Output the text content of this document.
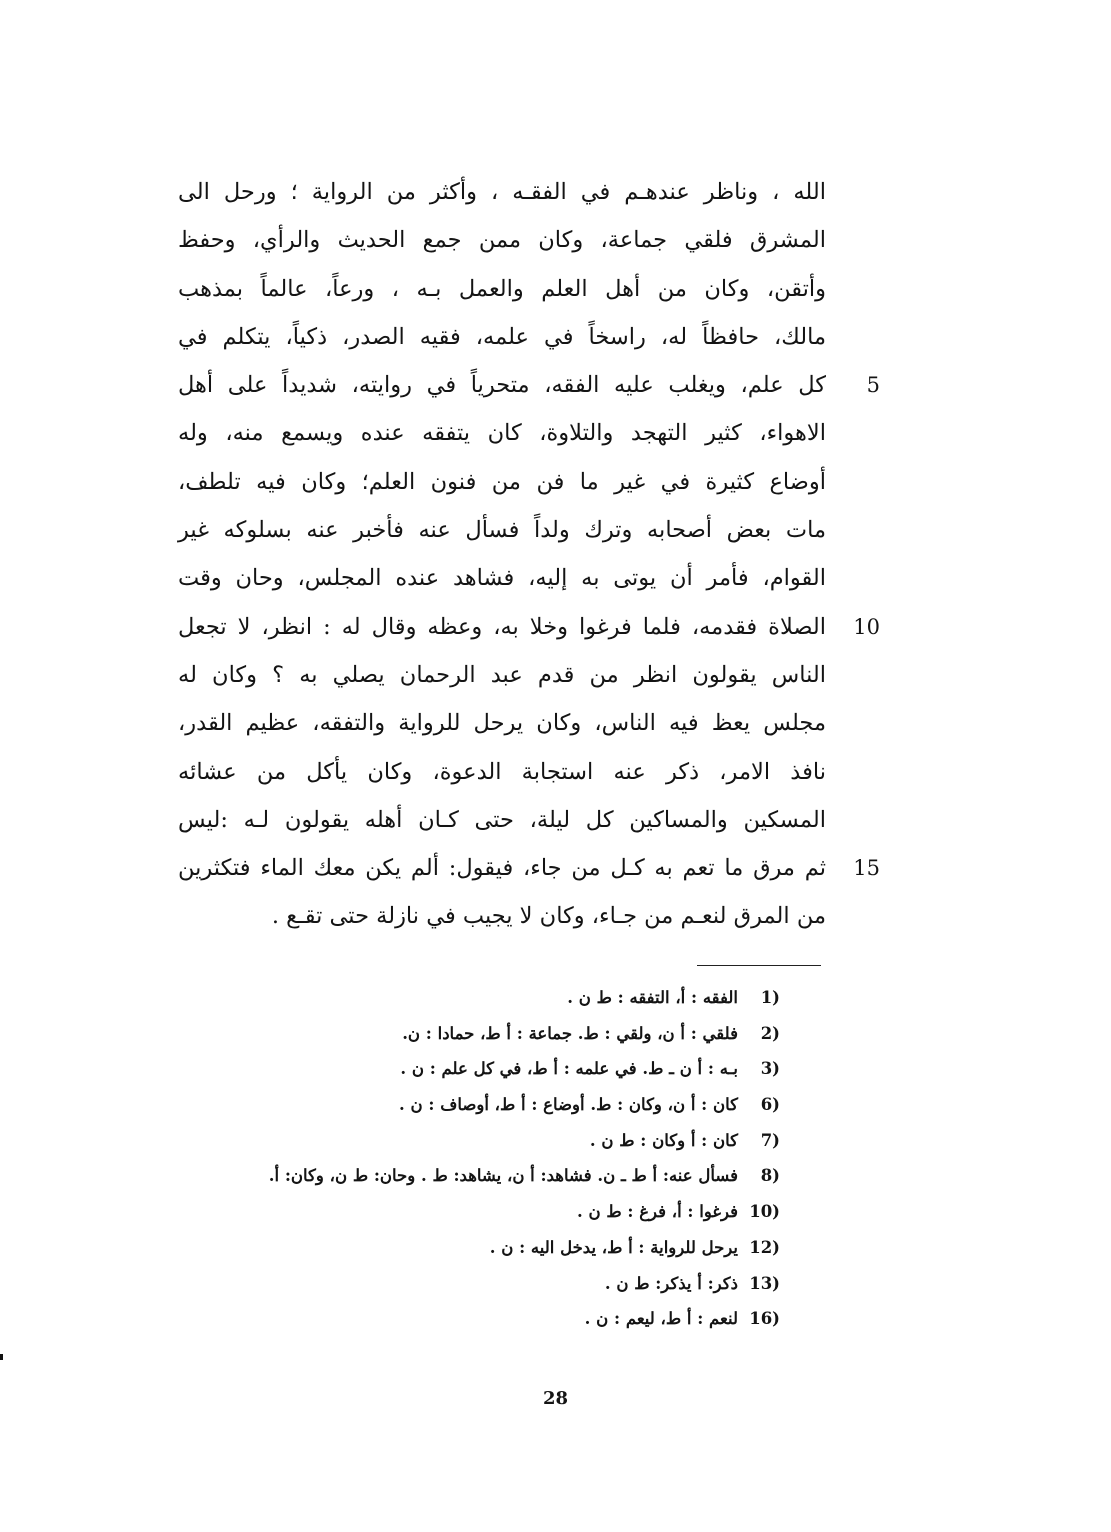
الله ، وناظر عندهـم في الفقـه ، وأكثر من الرواية ؛ ورحل الى
المشرق فلقي جماعة، وكان ممن جمع الحديث والرأي، وحفظ
وأتقن، وكان من أهل العلم والعمل بـه ، ورعاً، عالماً بمذهب
مالك، حافظاً له، راسخاً في علمه، فقيه الصدر، ذكياً، يتكلم في
كل علم، ويغلب عليه الفقه، متحرياً في روايته، شديداً على أهل
الاهواء، كثير التهجد والتلاوة، كان يتفقه عنده ويسمع منه، وله
أوضاع كثيرة في غير ما فن من فنون العلم؛ وكان فيه تلطف،
مات بعض أصحابه وترك ولداً فسأل عنه فأخبر عنه بسلوكه غير
القوام، فأمر أن يوتى به إليه، فشاهد عنده المجلس، وحان وقت
الصلاة فقدمه، فلما فرغوا وخلا به، وعظه وقال له : انظر، لا تجعل
الناس يقولون انظر من قدم عبد الرحمان يصلي به ؟ وكان له
مجلس يعظ فيه الناس، وكان يرحل للرواية والتفقه، عظيم القدر،
نافذ الامر، ذكر عنه استجابة الدعوة، وكان يأكل من عشائه
المسكين والمساكين كل ليلة، حتى كـان أهله يقولون لـه :ليس
ثم مرق ما تعم به كـل من جاء، فيقول: ألم يكن معك الماء فتكثرين
من المرق لنعـم من جـاء، وكان لا يجيب في نازلة حتى تقـع .
5
10
15
1)الفقه : أ، التفقه : ط ن .
2)فلقي : أ ن، ولقي : ط. جماعة : أ ط، حمادا : ن.
3)بـه : أ ن ـ ط. في علمه : أ ط، في كل علم : ن .
6)كان : أ ن، وكان : ط. أوضاع : أ ط، أوصاف : ن .
7)كان : أ وكان : ط ن .
8)فسأل عنه: أ ط ـ ن. فشاهد: أ ن، يشاهد: ط . وحان: ط ن، وكان: أ.
10)فرغوا : أ، فرغ : ط ن .
12)يرحل للرواية : أ ط، يدخل اليه : ن .
13)ذكر: أ يذكر: ط ن .
16)لنعم : أ ط، ليعم : ن .
28
